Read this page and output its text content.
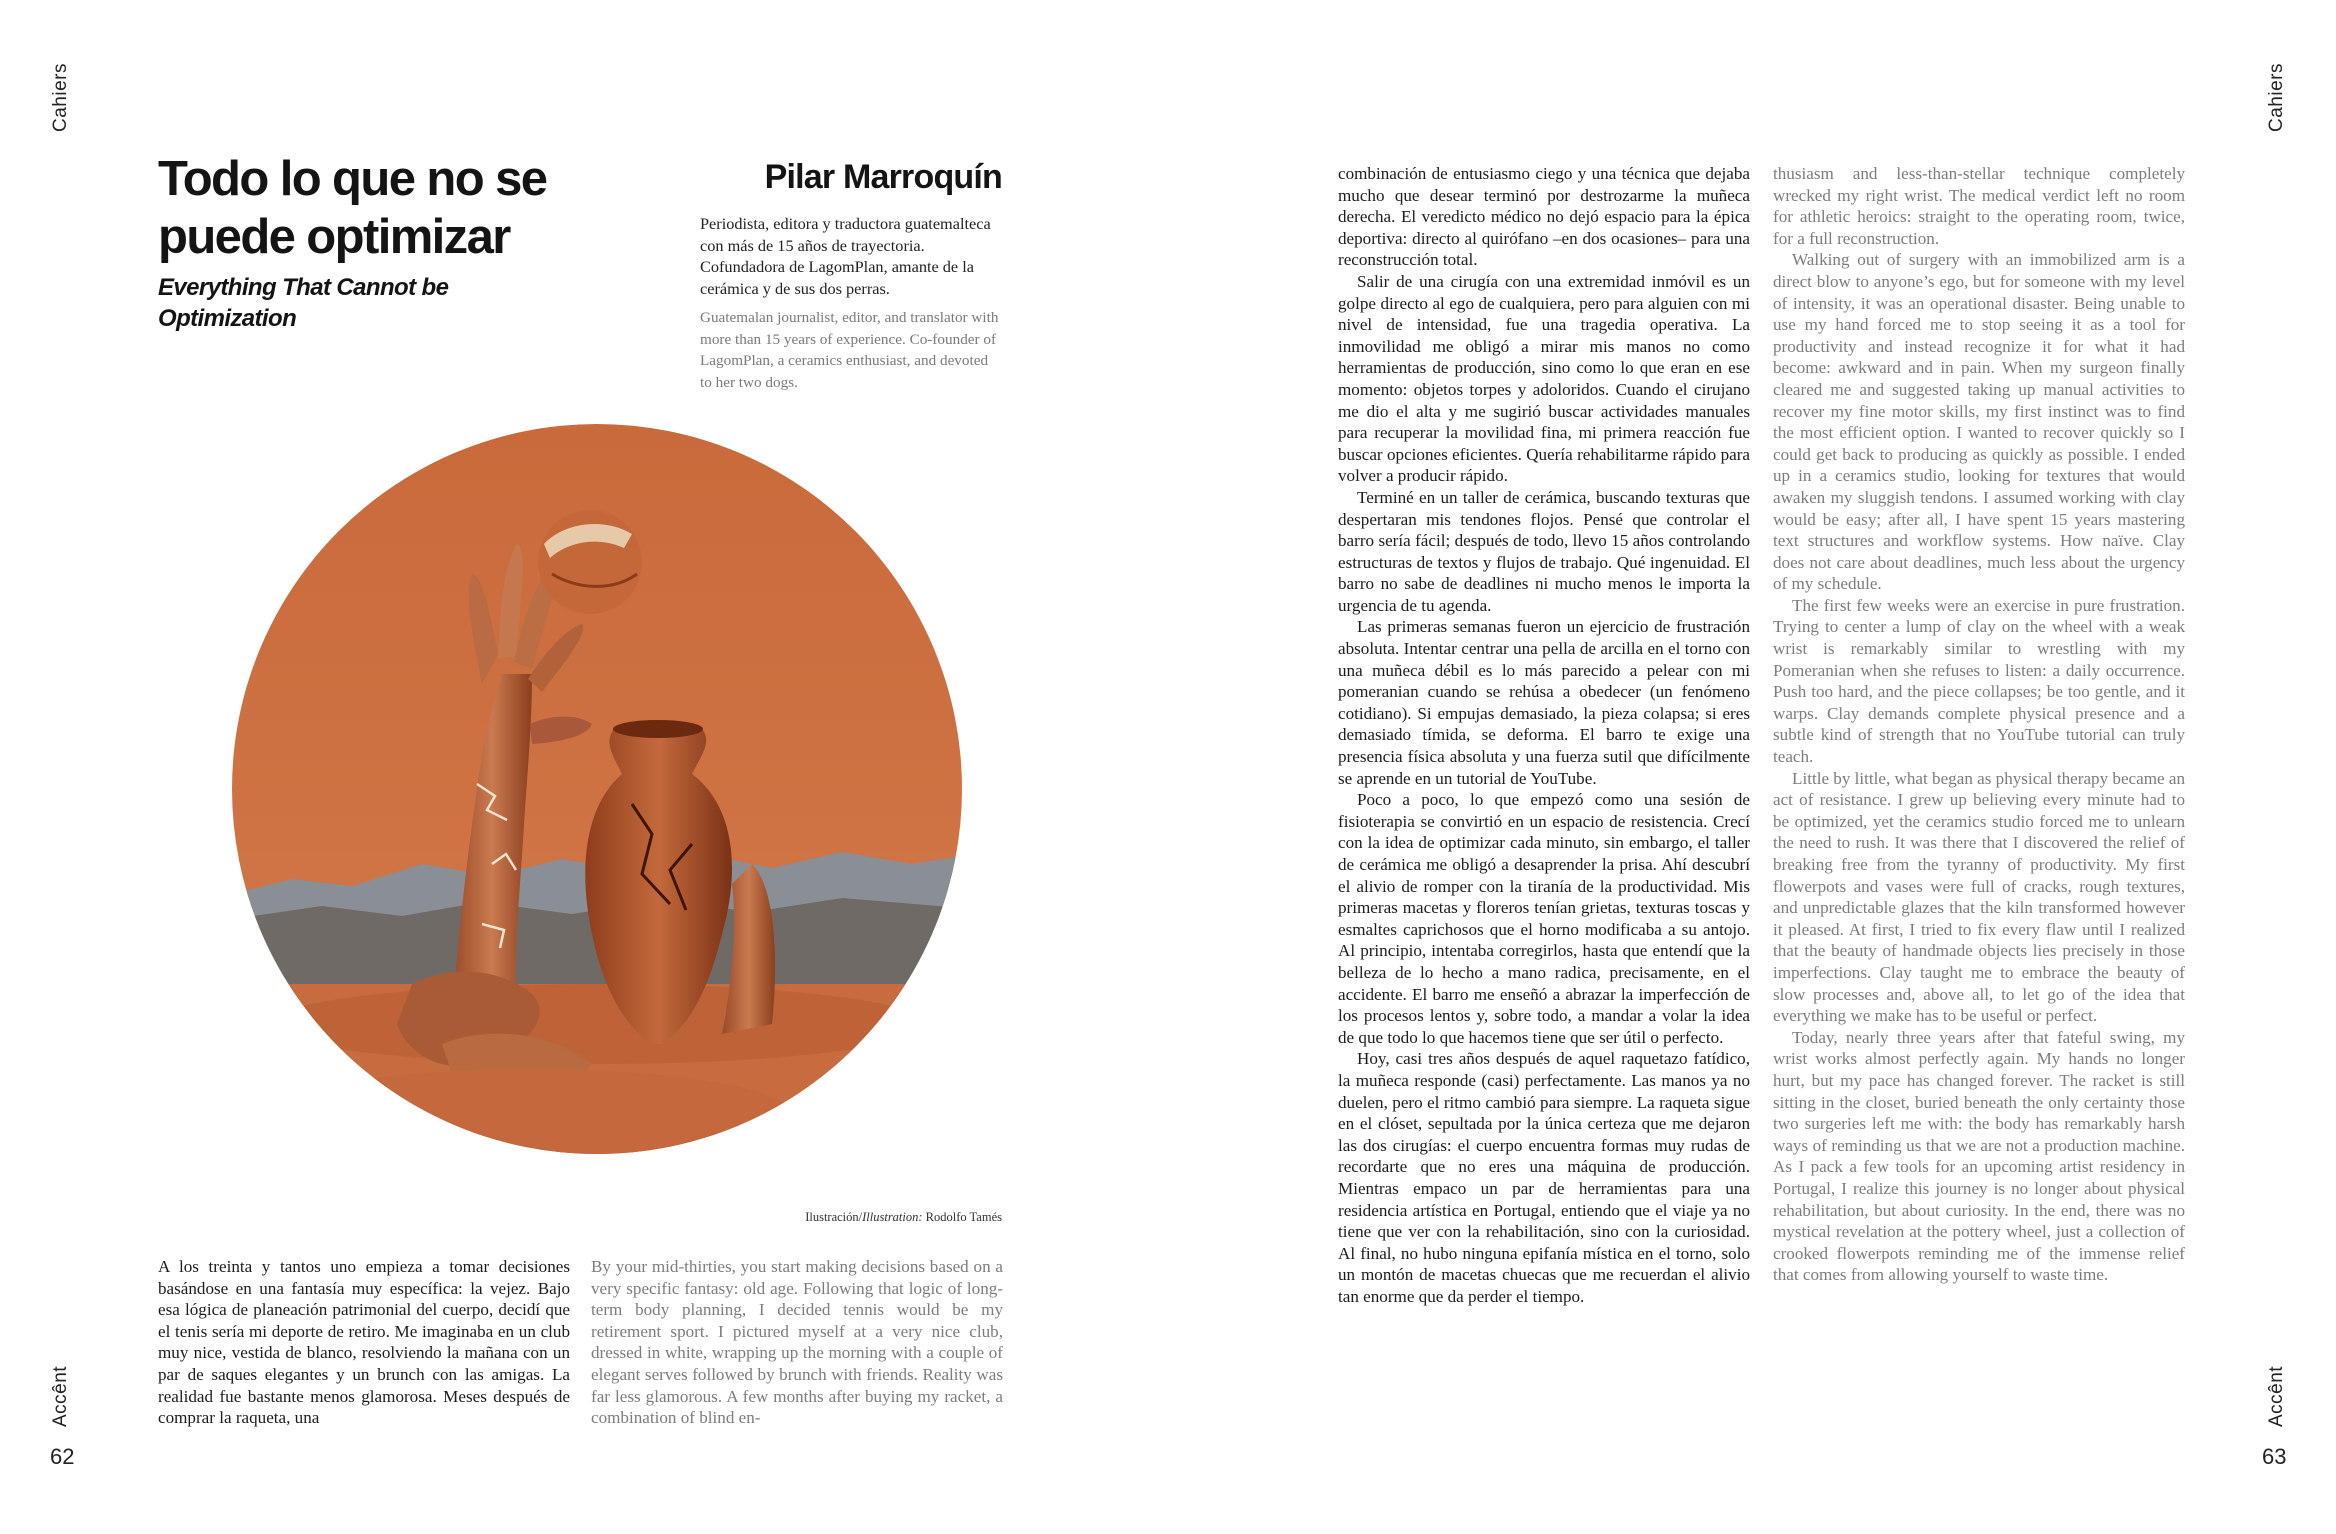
Cahiers
Accênt
62
Cahiers
Accênt
63
Todo lo que no se puede optimizar
Everything That Cannot be Optimization
Pilar Marroquín
Periodista, editora y traductora guatemalteca con más de 15 años de trayectoria. Cofundadora de LagomPlan, amante de la cerámica y de sus dos perras.
Guatemalan journalist, editor, and translator with more than 15 years of experience. Co-founder of LagomPlan, a ceramics enthusiast, and devoted to her two dogs.
Ilustración/Illustration: Rodolfo Tamés

A los treinta y tantos uno empieza a tomar decisiones basándose en una fantasía muy específica: la vejez. Bajo esa lógica de planeación patrimonial del cuerpo, decidí que el tenis sería mi deporte de retiro. Me imaginaba en un club muy nice, vestida de blanco, resolviendo la mañana con un par de saques elegantes y un brunch con las amigas. La realidad fue bastante menos glamorosa. Meses después de comprar la raqueta, una

By your mid-thirties, you start making decisions based on a very specific fantasy: old age. Following that logic of long-term body planning, I decided tennis would be my retirement sport. I pictured myself at a very nice club, dressed in white, wrapping up the morning with a couple of elegant serves followed by brunch with friends. Reality was far less glamorous. A few months after buying my racket, a combination of blind en-

combinación de entusiasmo ciego y una técnica que dejaba mucho que desear terminó por destrozarme la muñeca derecha. El veredicto médico no dejó espacio para la épica deportiva: directo al quirófano –en dos ocasiones– para una reconstrucción total.

Salir de una cirugía con una extremidad inmóvil es un golpe directo al ego de cualquiera, pero para alguien con mi nivel de intensidad, fue una tragedia operativa. La inmovilidad me obligó a mirar mis manos no como herramientas de producción, sino como lo que eran en ese momento: objetos torpes y adoloridos. Cuando el cirujano me dio el alta y me sugirió buscar actividades manuales para recuperar la movilidad fina, mi primera reacción fue buscar opciones eficientes. Quería rehabilitarme rápido para volver a producir rápido.

Terminé en un taller de cerámica, buscando texturas que despertaran mis tendones flojos. Pensé que controlar el barro sería fácil; después de todo, llevo 15 años controlando estructuras de textos y flujos de trabajo. Qué ingenuidad. El barro no sabe de deadlines ni mucho menos le importa la urgencia de tu agenda.

Las primeras semanas fueron un ejercicio de frustración absoluta. Intentar centrar una pella de arcilla en el torno con una muñeca débil es lo más parecido a pelear con mi pomeranian cuando se rehúsa a obedecer (un fenómeno cotidiano). Si empujas demasiado, la pieza colapsa; si eres demasiado tímida, se deforma. El barro te exige una presencia física absoluta y una fuerza sutil que difícilmente se aprende en un tutorial de YouTube.

Poco a poco, lo que empezó como una sesión de fisioterapia se convirtió en un espacio de resistencia. Crecí con la idea de optimizar cada minuto, sin embargo, el taller de cerámica me obligó a desaprender la prisa. Ahí descubrí el alivio de romper con la tiranía de la productividad. Mis primeras macetas y floreros tenían grietas, texturas toscas y esmaltes caprichosos que el horno modificaba a su antojo. Al principio, intentaba corregirlos, hasta que entendí que la belleza de lo hecho a mano radica, precisamente, en el accidente. El barro me enseñó a abrazar la imperfección de los procesos lentos y, sobre todo, a mandar a volar la idea de que todo lo que hacemos tiene que ser útil o perfecto.

Hoy, casi tres años después de aquel raquetazo fatídico, la muñeca responde (casi) perfectamente. Las manos ya no duelen, pero el ritmo cambió para siempre. La raqueta sigue en el clóset, sepultada por la única certeza que me dejaron las dos cirugías: el cuerpo encuentra formas muy rudas de recordarte que no eres una máquina de producción. Mientras empaco un par de herramientas para una residencia artística en Portugal, entiendo que el viaje ya no tiene que ver con la rehabilitación, sino con la curiosidad. Al final, no hubo ninguna epifanía mística en el torno, solo un montón de macetas chuecas que me recuerdan el alivio tan enorme que da perder el tiempo.

thusiasm and less-than-stellar technique completely wrecked my right wrist. The medical verdict left no room for athletic heroics: straight to the operating room, twice, for a full reconstruction.

Walking out of surgery with an immobilized arm is a direct blow to anyone’s ego, but for someone with my level of intensity, it was an operational disaster. Being unable to use my hand forced me to stop seeing it as a tool for productivity and instead recognize it for what it had become: awkward and in pain. When my surgeon finally cleared me and suggested taking up manual activities to recover my fine motor skills, my first instinct was to find the most efficient option. I wanted to recover quickly so I could get back to producing as quickly as possible. I ended up in a ceramics studio, looking for textures that would awaken my sluggish tendons. I assumed working with clay would be easy; after all, I have spent 15 years mastering text structures and workflow systems. How naïve. Clay does not care about deadlines, much less about the urgency of my schedule.

The first few weeks were an exercise in pure frustration. Trying to center a lump of clay on the wheel with a weak wrist is remarkably similar to wrestling with my Pomeranian when she refuses to listen: a daily occurrence. Push too hard, and the piece collapses; be too gentle, and it warps. Clay demands complete physical presence and a subtle kind of strength that no YouTube tutorial can truly teach.

Little by little, what began as physical therapy became an act of resistance. I grew up believing every minute had to be optimized, yet the ceramics studio forced me to unlearn the need to rush. It was there that I discovered the relief of breaking free from the tyranny of productivity. My first flowerpots and vases were full of cracks, rough textures, and unpredictable glazes that the kiln transformed however it pleased. At first, I tried to fix every flaw until I realized that the beauty of handmade objects lies precisely in those imperfections. Clay taught me to embrace the beauty of slow processes and, above all, to let go of the idea that everything we make has to be useful or perfect.

Today, nearly three years after that fateful swing, my wrist works almost perfectly again. My hands no longer hurt, but my pace has changed forever. The racket is still sitting in the closet, buried beneath the only certainty those two surgeries left me with: the body has remarkably harsh ways of reminding us that we are not a production machine. As I pack a few tools for an upcoming artist residency in Portugal, I realize this journey is no longer about physical rehabilitation, but about curiosity. In the end, there was no mystical revelation at the pottery wheel, just a collection of crooked flowerpots reminding me of the immense relief that comes from allowing yourself to waste time.
